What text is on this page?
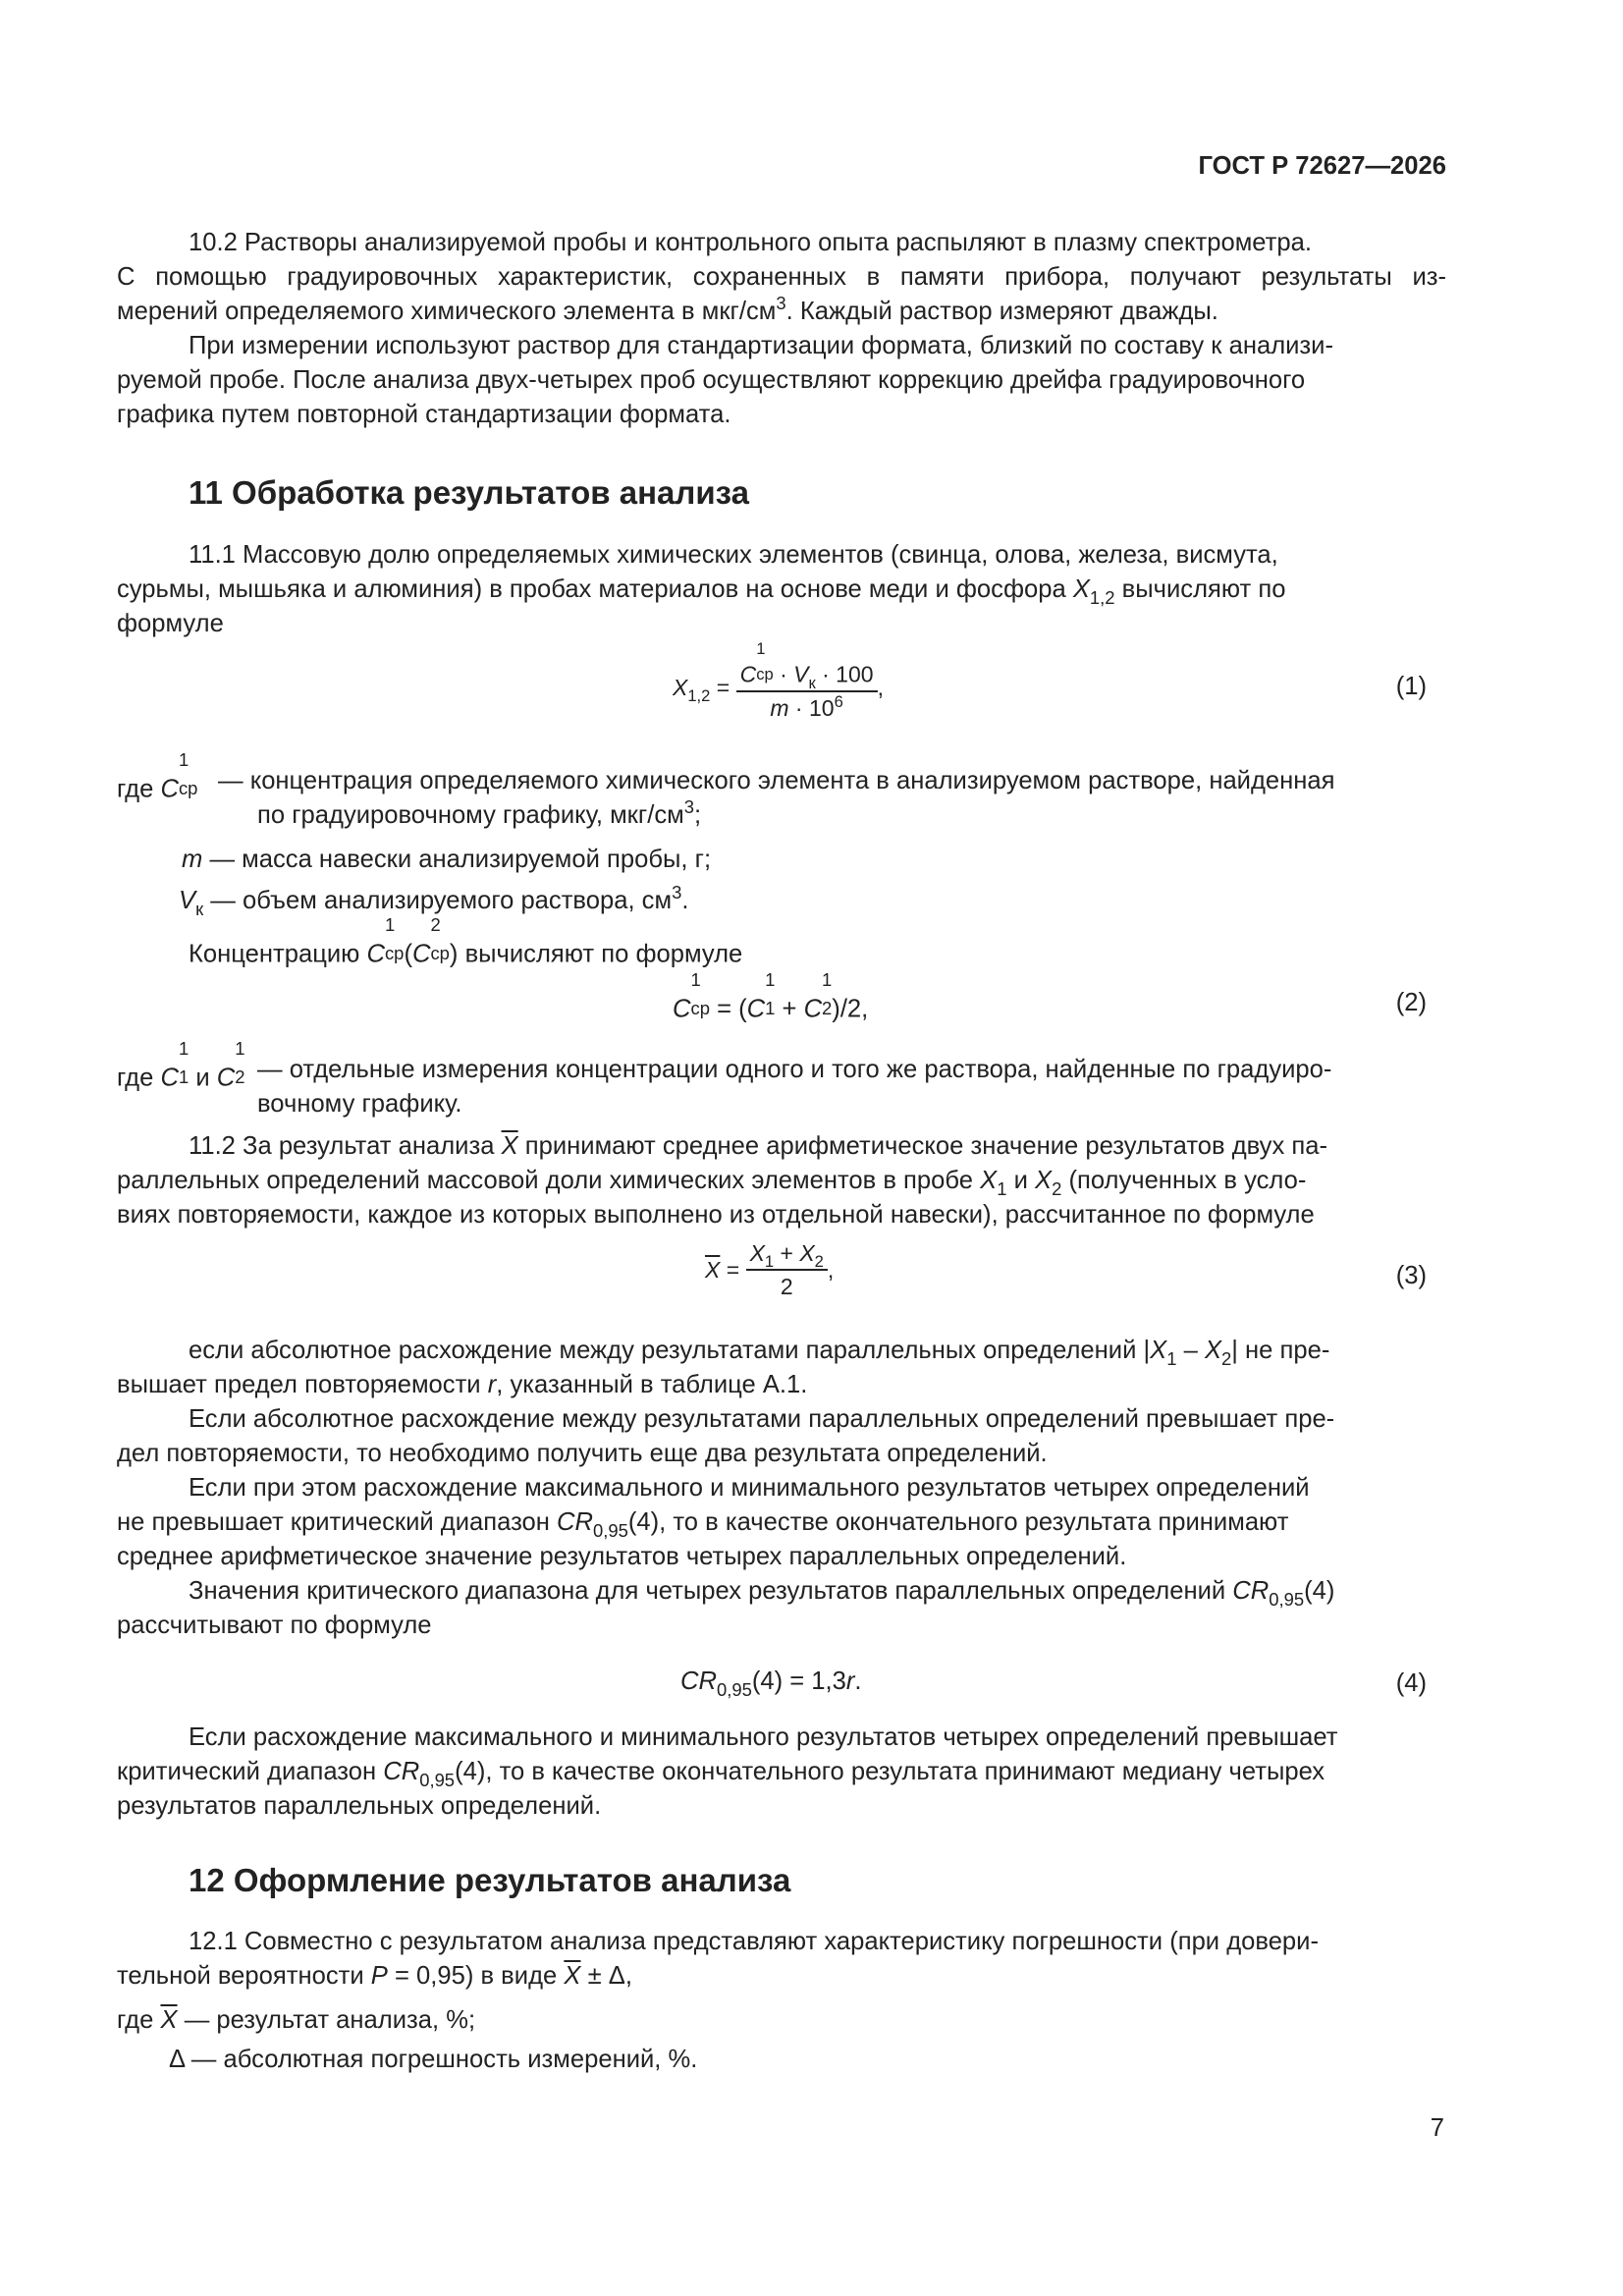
ГОСТ Р 72627—2026
10.2 Растворы анализируемой пробы и контрольного опыта распыляют в плазму спектрометра.
С помощью градуировочных характеристик, сохраненных в памяти прибора, получают результаты из-
мерений определяемого химического элемента в мкг/$см^3$. Каждый раствор измеряют дважды.
При измерении используют раствор для стандартизации формата, близкий по составу к анализи-
руемой пробе. После анализа двух-четырех проб осуществляют коррекцию дрейфа градуировочного
графика путем повторной стандартизации формата.
11 Обработка результатов анализа
11.1 Массовую долю определяемых химических элементов (свинца, олова, железа, висмута,
сурьмы, мышьяка и алюминия) в пробах материалов на основе меди и фосфора $X_{1,2}$ вычисляют по
формуле
$X_{1,2} = C$
1
ср · $V_к \cdot 100$
$m \cdot 10^6$ ,	(1)
где C
1
ср — концентрация определяемого химического элемента в анализируемом растворе, найденная
по градуировочному графику, мкг/$см^3$;
m — масса навески анализируемой пробы, г;
$V_к$ — объем анализируемого раствора, $см^3$.
Концентрацию C
1
ср (C
2
ср ) вычисляют по формуле
C
1
ср = (C
1
1 + C
1
2 )/2,	(2)
где C
1
1 и C
1
2 — отдельные измерения концентрации одного и того же раствора, найденные по градуиро-
вочному графику.
11.2 За результат анализа $\overline{X}$ принимают среднее арифметическое значение результатов двух па-
раллельных определений массовой доли химических элементов в пробе $X_1$ и $X_2$ (полученных в усло-
виях повторяемости, каждое из которых выполнено из отдельной навески), рассчитанное по формуле
$\overline{X} = \frac{X_1 + X_2}{2}$ ,	(3)
если абсолютное расхождение между результатами параллельных определений $|X_1 - X_2|$ не пре-
вышает предел повторяемости r, указанный в таблице А.1.
Если абсолютное расхождение между результатами параллельных определений превышает пре-
дел повторяемости, то необходимо получить еще два результата определений.
Если при этом расхождение максимального и минимального результатов четырех определений
не превышает критический диапазон $CR_{0,95}(4)$, то в качестве окончательного результата принимают
среднее арифметическое значение результатов четырех параллельных определений.
Значения критического диапазона для четырех результатов параллельных определений $CR_{0,95}(4)$
рассчитывают по формуле
$CR_{0,95}(4) = 1,3r$.	(4)
Если расхождение максимального и минимального результатов четырех определений превышает
критический диапазон $CR_{0,95}(4)$, то в качестве окончательного результата принимают медиану четырех
результатов параллельных определений.
12 Оформление результатов анализа
12.1 Совместно с результатом анализа представляют характеристику погрешности (при довери-
тельной вероятности P = 0,95) в виде $\overline{X} \pm \Delta$,
где $\overline{X}$ — результат анализа, %;
Δ — абсолютная погрешность измерений, %.
7
